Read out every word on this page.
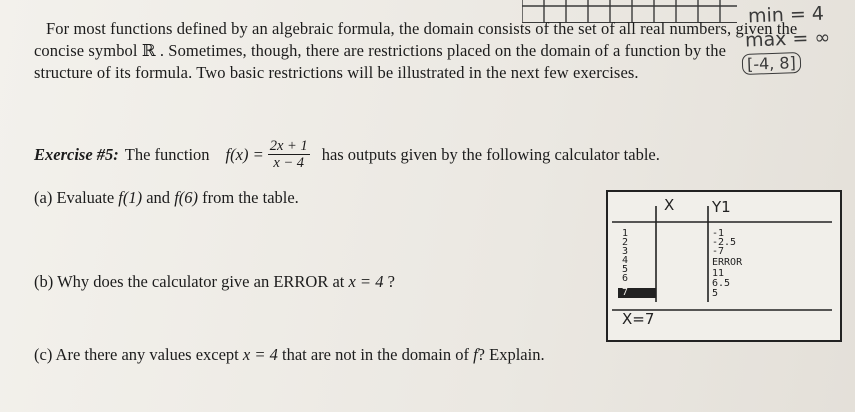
min = 4
max = ∞
[-4, 8]
For most functions defined by an algebraic formula, the domain consists of the set of all real numbers, given the
concise symbol ℝ . Sometimes, though, there are restrictions placed on the domain of a function by the
structure of its formula. Two basic restrictions will be illustrated in the next few exercises.
Exercise #5: The function $f(x) = \frac{2x + 1}{x - 4}$ has outputs given by the following calculator table.
(a) Evaluate f(1) and f(6) from the table.
(b) Why does the calculator give an ERROR at x = 4 ?
(c) Are there any values except x = 4 that are not in the domain of f? Explain.
X	Y1
1
2
3
4
5
6
7
-1
-2.5
-7
ERROR
11
6.5
5
X=7
